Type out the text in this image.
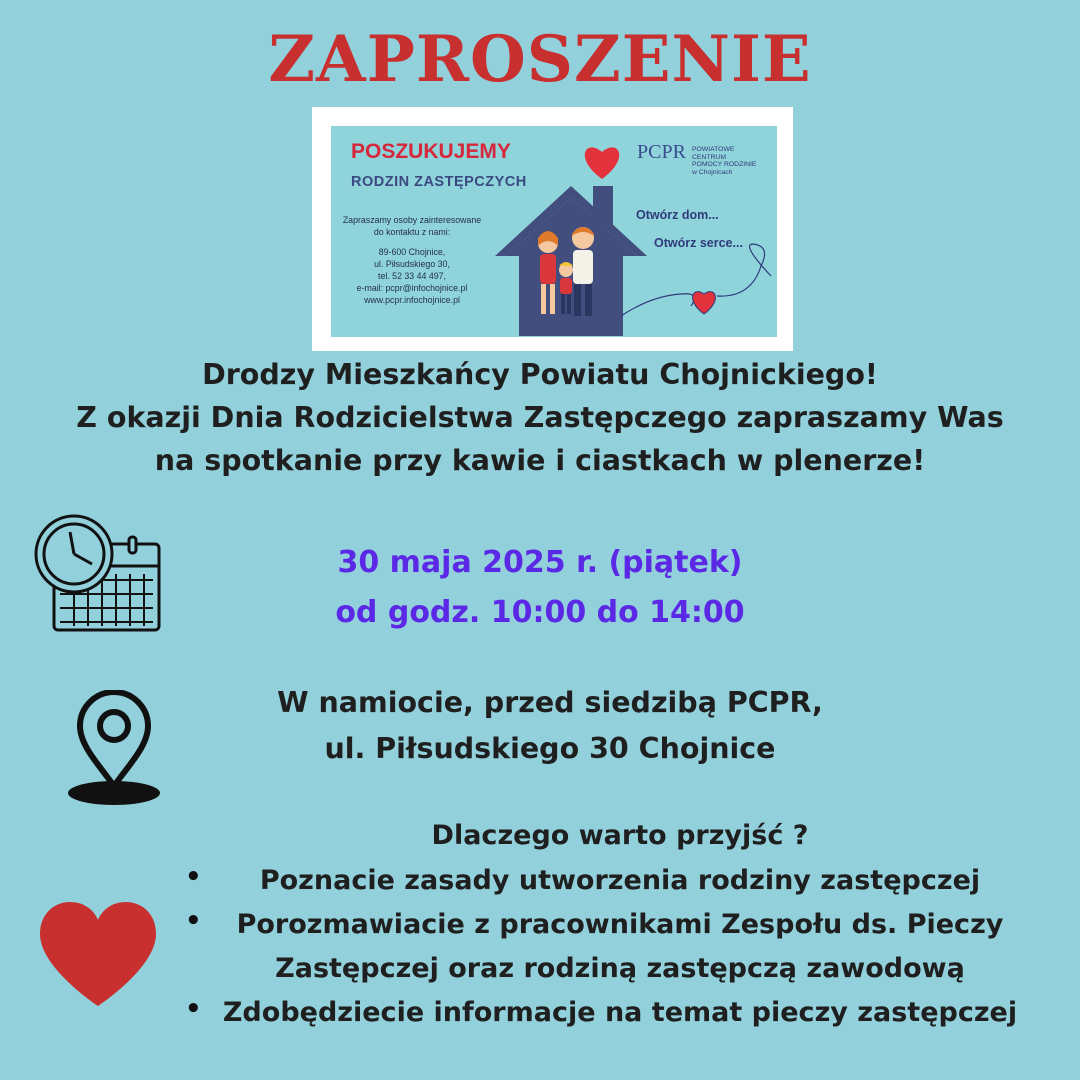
ZAPROSZENIE
POSZUKUJEMY
RODZIN ZASTĘPCZYCH
Zapraszamy osoby zainteresowane
do kontaktu z nami:
89-600 Chojnice,
ul. Piłsudskiego 30,
tel. 52 33 44 497,
e-mail: pcpr@infochojnice.pl
www.pcpr.infochojnice.pl
Otwórz dom...
Otwórz serce...
PCPR POWIATOWE
CENTRUM
POMOCY RODZINIE
w Chojnicach
Drodzy Mieszkańcy Powiatu Chojnickiego!
Z okazji Dnia Rodzicielstwa Zastępczego zapraszamy Was
na spotkanie przy kawie i ciastkach w plenerze!
30 maja 2025 r. (piątek)
od godz. 10:00 do 14:00
W namiocie, przed siedzibą PCPR,
ul. Piłsudskiego 30 Chojnice
Dlaczego warto przyjść ?
•
•
•
Poznacie zasady utworzenia rodziny zastępczej
Porozmawiacie z pracownikami Zespołu ds. Pieczy
Zastępczej oraz rodziną zastępczą zawodową
Zdobędziecie informacje na temat pieczy zastępczej
